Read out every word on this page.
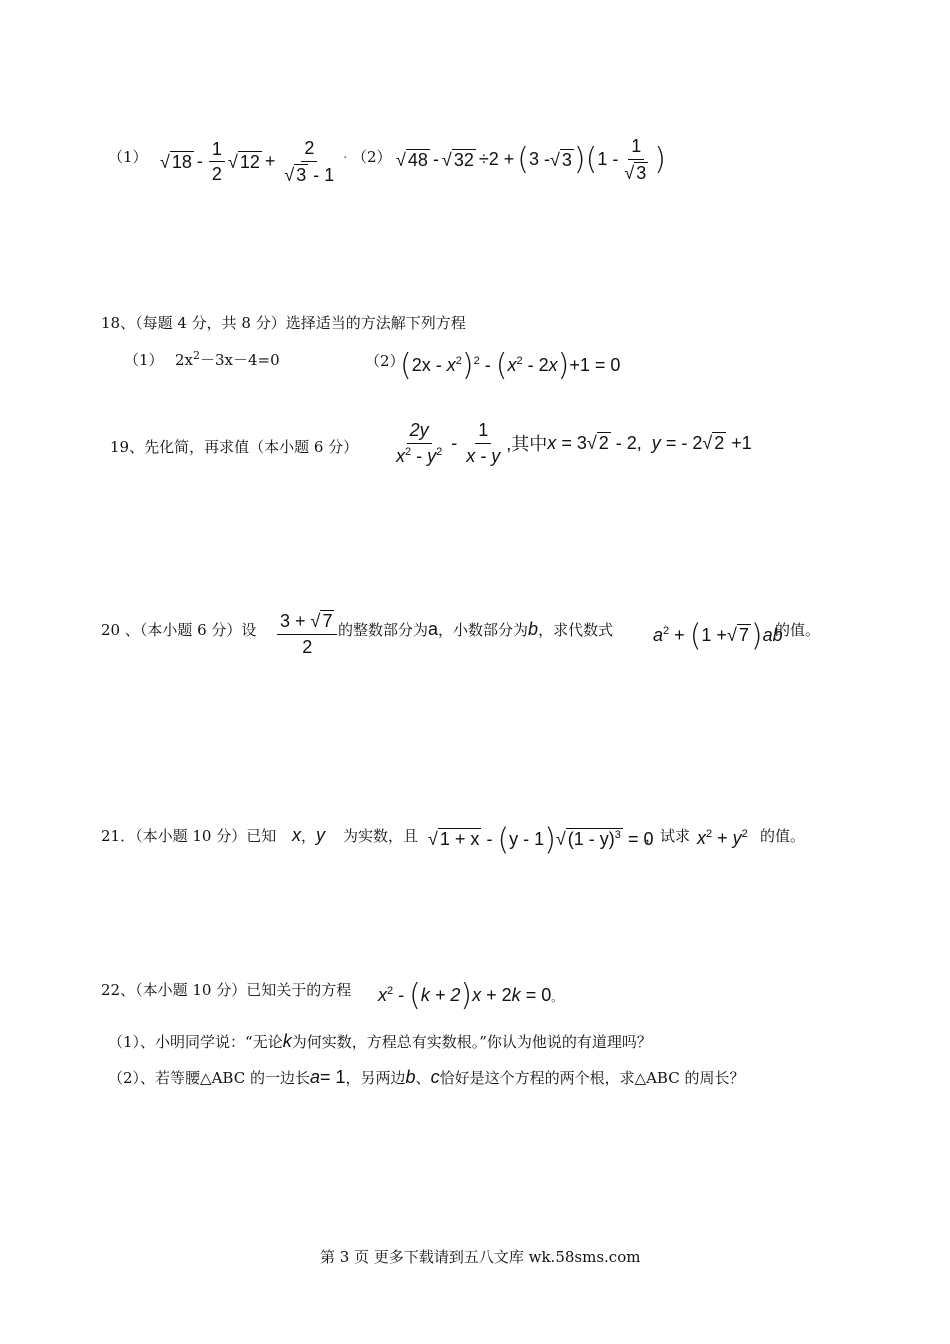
（1） √ $18 - \frac{1}{2}$ √ $12 + \frac{2}{√ 3 - 1} \cdot (2)$ √ 48 - √ 32 ÷2 + ( 3 - √ 3 ) ( $1 - \frac{1}{√ 3}$ )
18、（每题 4 分，共 8 分）选择适当的方法解下列方程
（1） $2x^2-3x-4=0$	（2）
$(2x - x^2)^2 - (x^2 - 2x)+1 = 0$
19、先化简，再求值（本小题 6 分） $\frac{2y}{x^2 - y^2} - \frac{1}{x - y}$ ,其中 x
= 3 √ 2
- 2,
y
= - 2 √ 2
+1
20 、（本小题 6 分）设 $\frac{3 + √ 7}{2}$ 的整数部分为a，小数部分为b，求代数式 $a^2 + (1$ +√ 7)ab
的值。
21．（本小题 10 分）已知 x，y 为实数，且 √ 1 + x - (y - 1)√ (1 - y)$^3$ = 0
，试求 $x^2 + y^2$ 的值。
22、（本小题 10 分）已知关于的方程 $x^2 - (k + 2)x + 2k = 0$。
（1）、小明同学说：“无论k为何实数，方程总有实数根。”你认为他说的有道理吗？
（2）、若等腰△ABC 的一边长a= 1，另两边b、c恰好是这个方程的两个根，求△ABC 的周长？
第 3 页 更多下载请到五八文库 wk.58sms.com
